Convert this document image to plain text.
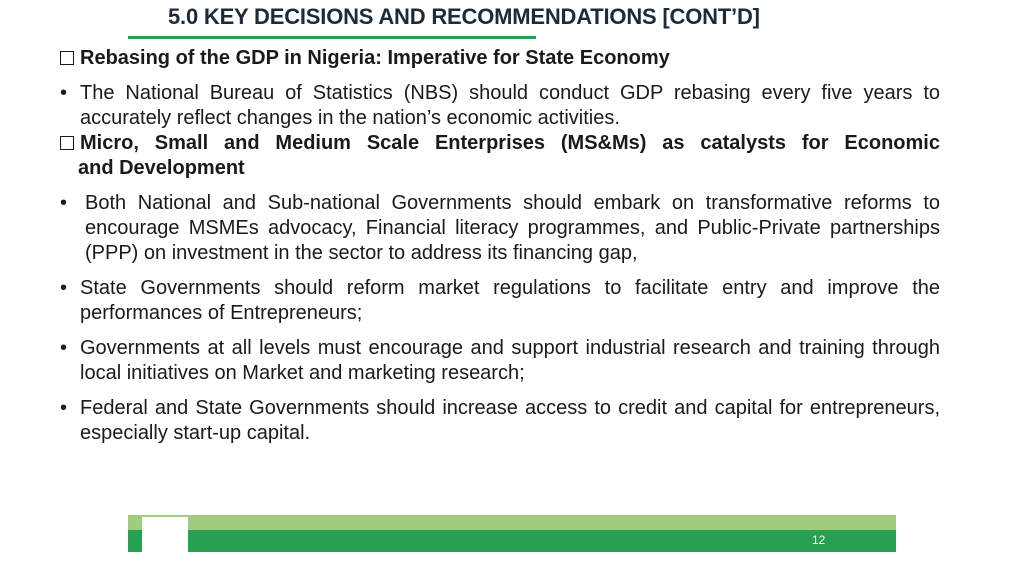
5.0 KEY DECISIONS AND RECOMMENDATIONS [CONT’D]
Rebasing of the GDP in Nigeria: Imperative for State Economy
•
The National Bureau of Statistics (NBS) should conduct GDP rebasing every five years to accurately reflect changes in the nation’s economic activities.
Micro, Small and Medium Scale Enterprises (MS&Ms) as catalysts for Economic
and Development
•
Both National and Sub-national Governments should embark on transformative reforms to encourage MSMEs advocacy, Financial literacy programmes, and Public-Private partnerships (PPP) on investment in the sector to address its financing gap,
•
State Governments should reform market regulations to facilitate entry and improve the performances of Entrepreneurs;
•
Governments at all levels must encourage and support industrial research and training through local initiatives on Market and marketing research;
•
Federal and State Governments should increase access to credit and capital for entrepreneurs, especially start-up capital.
12
